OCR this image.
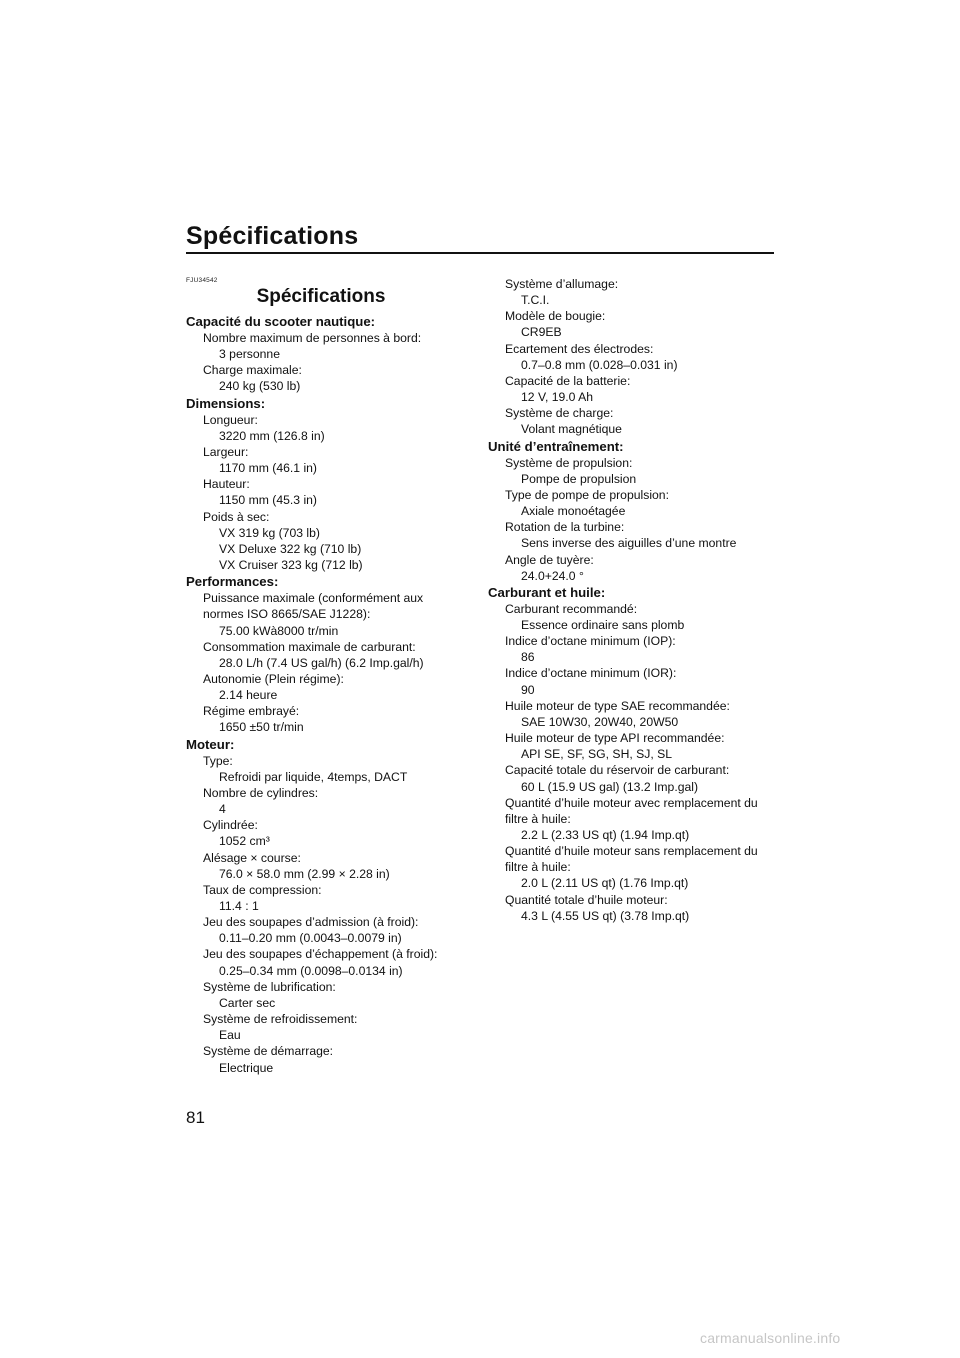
Spécifications
FJU34542
Spécifications
Capacité du scooter nautique:
Nombre maximum de personnes à bord:
3 personne
Charge maximale:
240 kg (530 lb)
Dimensions:
Longueur:
3220 mm (126.8 in)
Largeur:
1170 mm (46.1 in)
Hauteur:
1150 mm (45.3 in)
Poids à sec:
VX 319 kg (703 lb)
VX Deluxe 322 kg (710 lb)
VX Cruiser 323 kg (712 lb)
Performances:
Puissance maximale (conformément aux
normes ISO 8665/SAE J1228):
75.00 kWà8000 tr/min
Consommation maximale de carburant:
28.0 L/h (7.4 US gal/h) (6.2 Imp.gal/h)
Autonomie (Plein régime):
2.14 heure
Régime embrayé:
1650 ±50 tr/min
Moteur:
Type:
Refroidi par liquide, 4temps, DACT
Nombre de cylindres:
4
Cylindrée:
1052 cm³
Alésage × course:
76.0 × 58.0 mm (2.99 × 2.28 in)
Taux de compression:
11.4 : 1
Jeu des soupapes d’admission (à froid):
0.11–0.20 mm (0.0043–0.0079 in)
Jeu des soupapes d’échappement (à froid):
0.25–0.34 mm (0.0098–0.0134 in)
Système de lubrification:
Carter sec
Système de refroidissement:
Eau
Système de démarrage:
Electrique
Système d’allumage:
T.C.I.
Modèle de bougie:
CR9EB
Ecartement des électrodes:
0.7–0.8 mm (0.028–0.031 in)
Capacité de la batterie:
12 V, 19.0 Ah
Système de charge:
Volant magnétique
Unité d’entraînement:
Système de propulsion:
Pompe de propulsion
Type de pompe de propulsion:
Axiale monoétagée
Rotation de la turbine:
Sens inverse des aiguilles d’une montre
Angle de tuyère:
24.0+24.0 °
Carburant et huile:
Carburant recommandé:
Essence ordinaire sans plomb
Indice d’octane minimum (IOP):
86
Indice d’octane minimum (IOR):
90
Huile moteur de type SAE recommandée:
SAE 10W30, 20W40, 20W50
Huile moteur de type API recommandée:
API SE, SF, SG, SH, SJ, SL
Capacité totale du réservoir de carburant:
60 L (15.9 US gal) (13.2 Imp.gal)
Quantité d’huile moteur avec remplacement du
filtre à huile:
2.2 L (2.33 US qt) (1.94 Imp.qt)
Quantité d’huile moteur sans remplacement du
filtre à huile:
2.0 L (2.11 US qt) (1.76 Imp.qt)
Quantité totale d’huile moteur:
4.3 L (4.55 US qt) (3.78 Imp.qt)
81
carmanualsonline.info
